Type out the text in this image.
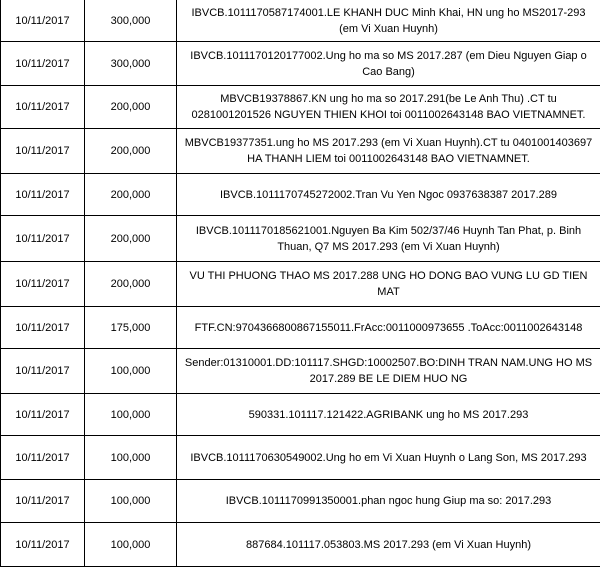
10/11/2017	300,000	IBVCB.1011170587174001.LE KHANH DUC Minh Khai, HN ung ho MS2017-293 (em Vi Xuan Huynh)
10/11/2017	300,000	IBVCB.1011170120177002.Ung ho ma so MS 2017.287 (em Dieu Nguyen Giap o Cao Bang)
10/11/2017	200,000	MBVCB19378867.KN ung ho ma so 2017.291(be Le Anh Thu) .CT tu 0281001201526 NGUYEN THIEN KHOI toi 0011002643148 BAO VIETNAMNET.
10/11/2017	200,000	MBVCB19377351.ung ho MS 2017.293 (em Vi Xuan Huynh).CT tu 0401001403697 HA THANH LIEM toi 0011002643148 BAO VIETNAMNET.
10/11/2017	200,000	IBVCB.1011170745272002.Tran Vu Yen Ngoc 0937638387 2017.289
10/11/2017	200,000	IBVCB.1011170185621001.Nguyen Ba Kim 502/37/46 Huynh Tan Phat, p. Binh Thuan, Q7 MS 2017.293 (em Vi Xuan Huynh)
10/11/2017	200,000	VU THI PHUONG THAO MS 2017.288 UNG HO DONG BAO VUNG LU GD TIEN MAT
10/11/2017	175,000	FTF.CN:9704366800867155011.FrAcc:0011000973655 .ToAcc:0011002643148
10/11/2017	100,000	Sender:01310001.DD:101117.SHGD:10002507.BO:DINH TRAN NAM.UNG HO MS 2017.289 BE LE DIEM HUO NG
10/11/2017	100,000	590331.101117.121422.AGRIBANK ung ho MS 2017.293
10/11/2017	100,000	IBVCB.1011170630549002.Ung ho em Vi Xuan Huynh o Lang Son, MS 2017.293
10/11/2017	100,000	IBVCB.1011170991350001.phan ngoc hung Giup ma so: 2017.293
10/11/2017	100,000	887684.101117.053803.MS 2017.293 (em Vi Xuan Huynh)
